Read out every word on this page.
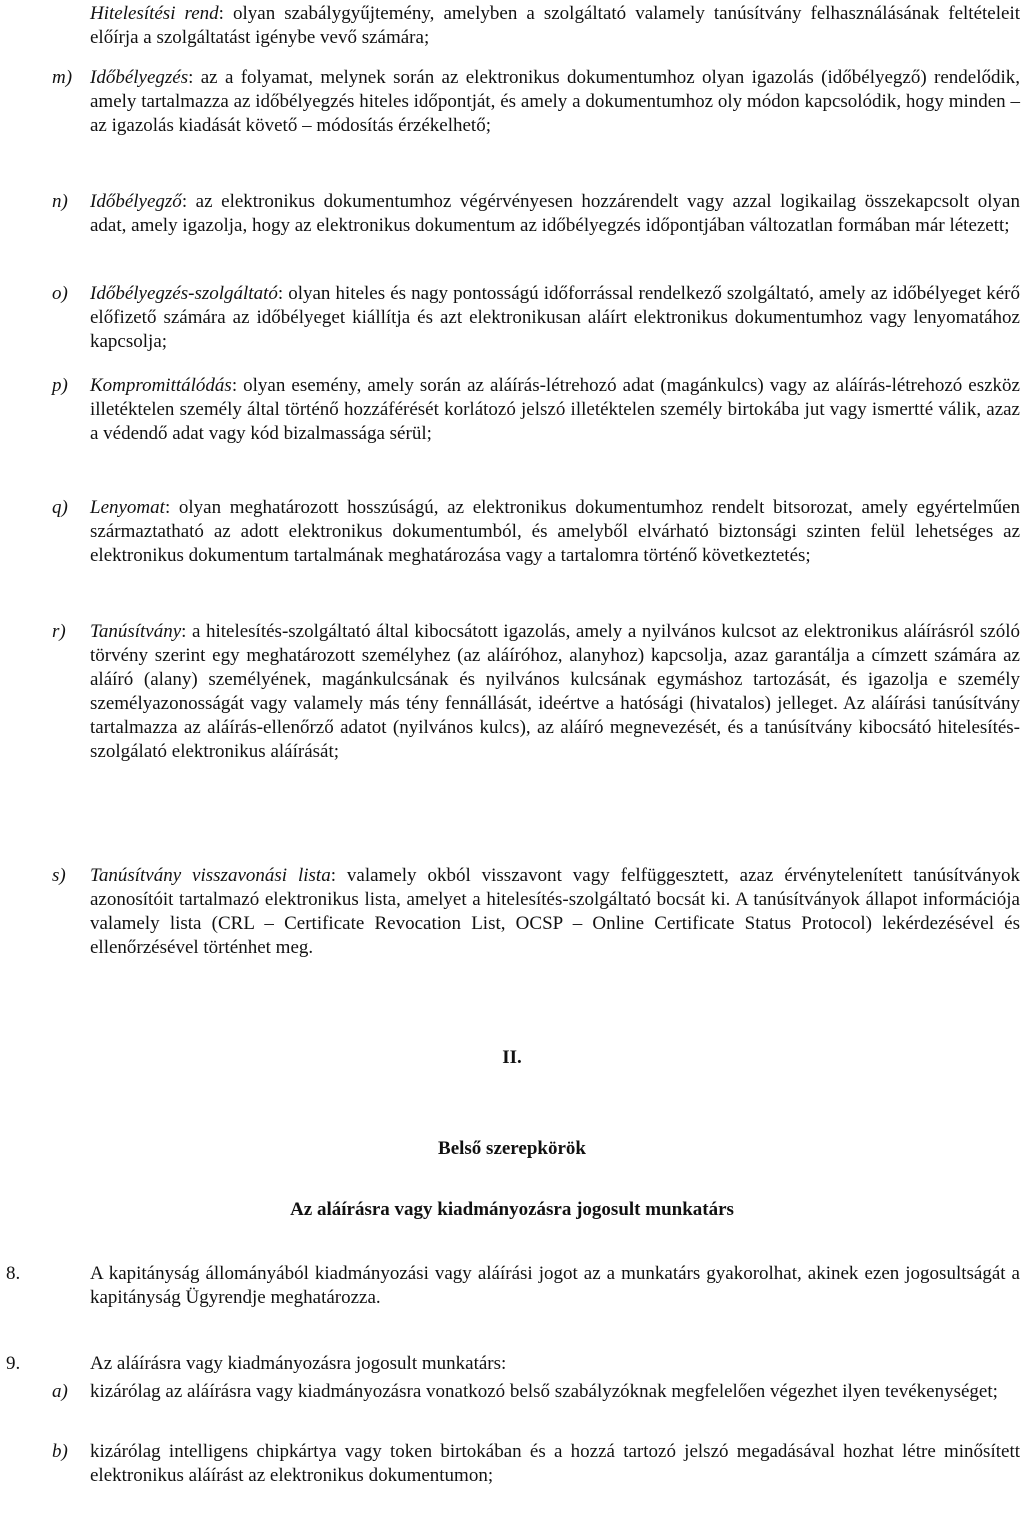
Hitelesítési rend: olyan szabálygyűjtemény, amelyben a szolgáltató valamely tanúsítvány felhasználásának feltételeit előírja a szolgáltatást igénybe vevő számára;
m) Időbélyegzés: az a folyamat, melynek során az elektronikus dokumentumhoz olyan igazolás (időbélyegző) rendelődik, amely tartalmazza az időbélyegzés hiteles időpontját, és amely a dokumentumhoz oly módon kapcsolódik, hogy minden – az igazolás kiadását követő – módosítás érzékelhető;
n) Időbélyegző: az elektronikus dokumentumhoz végérvényesen hozzárendelt vagy azzal logikailag összekapcsolt olyan adat, amely igazolja, hogy az elektronikus dokumentum az időbélyegzés időpontjában változatlan formában már létezett;
o) Időbélyegzés-szolgáltató: olyan hiteles és nagy pontosságú időforrással rendelkező szolgáltató, amely az időbélyeget kérő előfizető számára az időbélyeget kiállítja és azt elektronikusan aláírt elektronikus dokumentumhoz vagy lenyomatához kapcsolja;
p) Kompromittálódás: olyan esemény, amely során az aláírás-létrehozó adat (magánkulcs) vagy az aláírás-létrehozó eszköz illetéktelen személy által történő hozzáférését korlátozó jelszó illetéktelen személy birtokába jut vagy ismertté válik, azaz a védendő adat vagy kód bizalmassága sérül;
q) Lenyomat: olyan meghatározott hosszúságú, az elektronikus dokumentumhoz rendelt bitsorozat, amely egyértelműen származtatható az adott elektronikus dokumentumból, és amelyből elvárható biztonsági szinten felül lehetséges az elektronikus dokumentum tartalmának meghatározása vagy a tartalomra történő következtetés;
r) Tanúsítvány: a hitelesítés-szolgáltató által kibocsátott igazolás, amely a nyilvános kulcsot az elektronikus aláírásról szóló törvény szerint egy meghatározott személyhez (az aláíróhoz, alanyhoz) kapcsolja, azaz garantálja a címzett számára az aláíró (alany) személyének, magánkulcsának és nyilvános kulcsának egymáshoz tartozását, és igazolja e személy személyazonosságát vagy valamely más tény fennállását, ideértve a hatósági (hivatalos) jelleget. Az aláírási tanúsítvány tartalmazza az aláírás-ellenőrző adatot (nyilvános kulcs), az aláíró megnevezését, és a tanúsítvány kibocsátó hitelesítés-szolgálató elektronikus aláírását;
s) Tanúsítvány visszavonási lista: valamely okból visszavont vagy felfüggesztett, azaz érvénytelenített tanúsítványok azonosítóit tartalmazó elektronikus lista, amelyet a hitelesítés-szolgáltató bocsát ki. A tanúsítványok állapot információja valamely lista (CRL – Certificate Revocation List, OCSP – Online Certificate Status Protocol) lekérdezésével és ellenőrzésével történhet meg.
II.
Belső szerepkörök
Az aláírásra vagy kiadmányozásra jogosult munkatárs
8.	A kapitányság állományából kiadmányozási vagy aláírási jogot az a munkatárs gyakorolhat, akinek ezen jogosultságát a kapitányság Ügyrendje meghatározza.
9.	Az aláírásra vagy kiadmányozásra jogosult munkatárs:
a) kizárólag az aláírásra vagy kiadmányozásra vonatkozó belső szabályzóknak megfelelően végezhet ilyen tevékenységet;
b) kizárólag intelligens chipkártya vagy token birtokában és a hozzá tartozó jelszó megadásával hozhat létre minősített elektronikus aláírást az elektronikus dokumentumon;
